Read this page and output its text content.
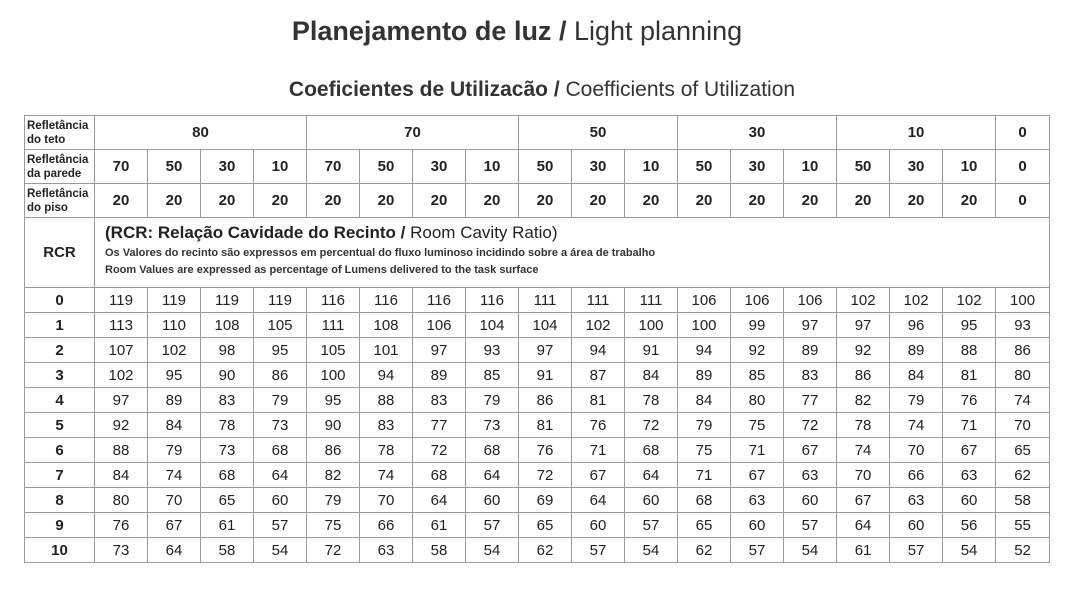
Planejamento de luz / Light planning
Coeficientes de Utilizacão / Coefficients of Utilization
Refletância
do teto	80				70				50			30			10			0
Refletância
da parede	70	50	30	10	70	50	30	10	50	30	10	50	30	10	50	30	10	0
Refletância
do piso	20	20	20	20	20	20	20	20	20	20	20	20	20	20	20	20	20	0
RCR	(RCR: Relação Cavidade do Recinto / Room Cavity Ratio)
Os Valores do recinto são expressos em percentual do fluxo luminoso incidindo sobre a área de trabalho
Room Values are expressed as percentage of Lumens delivered to the task surface																	

0	119	119	119	119	116	116	116	116	111	111	111	106	106	106	102	102	102	100
1	113	110	108	105	111	108	106	104	104	102	100	100	99	97	97	96	95	93
2	107	102	98	95	105	101	97	93	97	94	91	94	92	89	92	89	88	86
3	102	95	90	86	100	94	89	85	91	87	84	89	85	83	86	84	81	80
4	97	89	83	79	95	88	83	79	86	81	78	84	80	77	82	79	76	74
5	92	84	78	73	90	83	77	73	81	76	72	79	75	72	78	74	71	70
6	88	79	73	68	86	78	72	68	76	71	68	75	71	67	74	70	67	65
7	84	74	68	64	82	74	68	64	72	67	64	71	67	63	70	66	63	62
8	80	70	65	60	79	70	64	60	69	64	60	68	63	60	67	63	60	58
9	76	67	61	57	75	66	61	57	65	60	57	65	60	57	64	60	56	55
10	73	64	58	54	72	63	58	54	62	57	54	62	57	54	61	57	54	52
